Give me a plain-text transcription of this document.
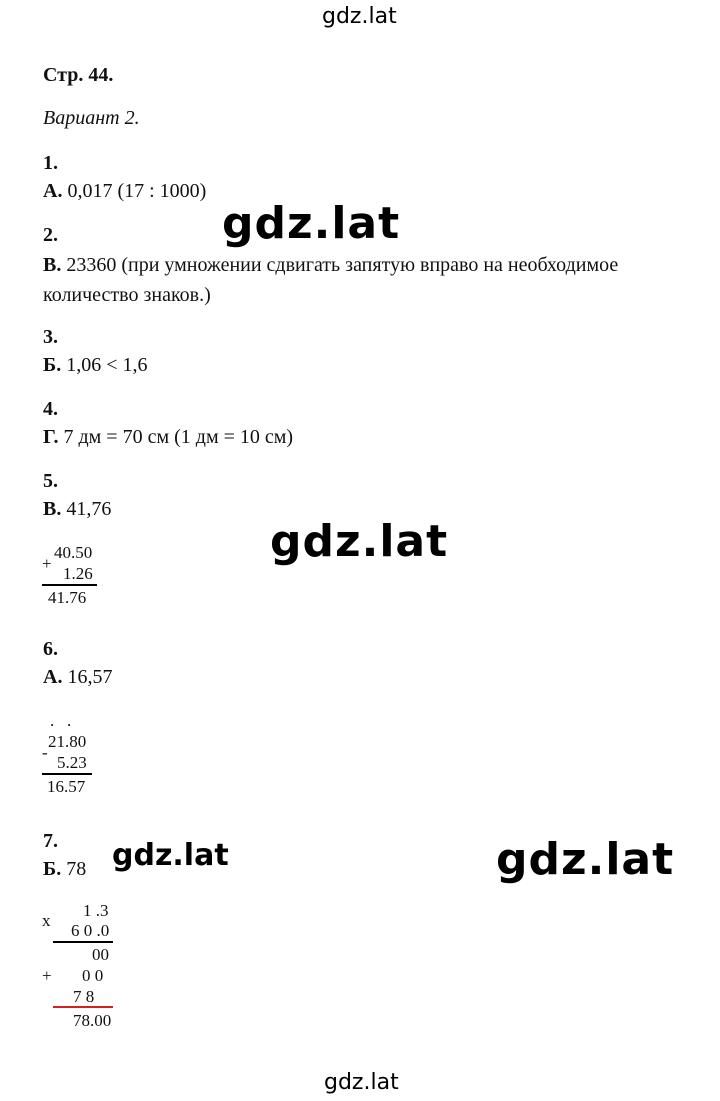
gdz.lat
gdz.lat
gdz.lat
gdz.lat	gdz.lat
gdz.lat
Стр. 44.
Вариант 2.
1.
А. 0,017 (17 : 1000)
2.
В. 23360 (при умножении сдвигать запятую вправо на необходимое
количество знаков.)
3.
Б. 1,06 < 1,6
4.
Г. 7 дм = 70 см (1 дм = 10 см)
5.
В. 41,76
+
40.50
1.26
41.76
6.
А. 16,57
.   .
-
21.80
5.23
16.57
7.
Б. 78
x
1 .3
6 0 .0
00
+ 0 0
7 8
78.00
